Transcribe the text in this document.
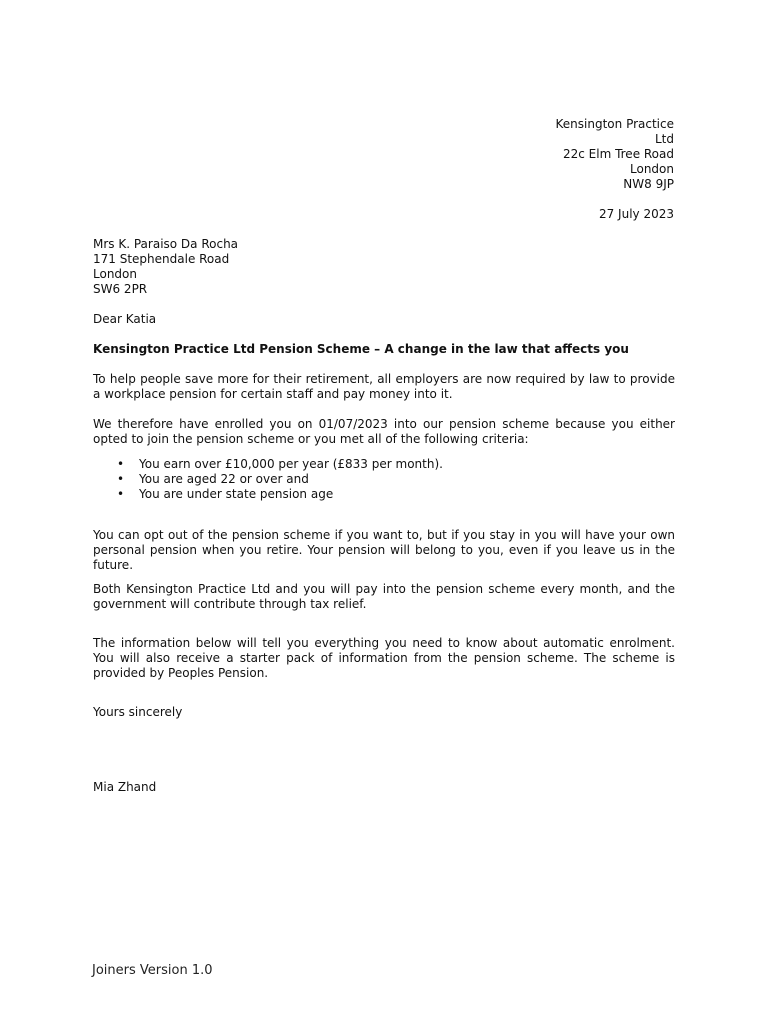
Kensington Practice
Ltd
22c Elm Tree Road
London
NW8 9JP
27 July 2023
Mrs K. Paraiso Da Rocha
171 Stephendale Road
London
SW6 2PR
Dear Katia
Kensington Practice Ltd Pension Scheme – A change in the law that affects you
To help people save more for their retirement, all employers are now required by law to provide a workplace pension for certain staff and pay money into it.
We therefore have enrolled you on 01/07/2023 into our pension scheme because you either opted to join the pension scheme or you met all of the following criteria:
• You earn over £10,000 per year (£833 per month).
• You are aged 22 or over and
• You are under state pension age
You can opt out of the pension scheme if you want to, but if you stay in you will have your own personal pension when you retire. Your pension will belong to you, even if you leave us in the future.
Both Kensington Practice Ltd and you will pay into the pension scheme every month, and the government will contribute through tax relief.
The information below will tell you everything you need to know about automatic enrolment. You will also receive a starter pack of information from the pension scheme. The scheme is provided by Peoples Pension.
Yours sincerely
Mia Zhand
Joiners Version 1.0
